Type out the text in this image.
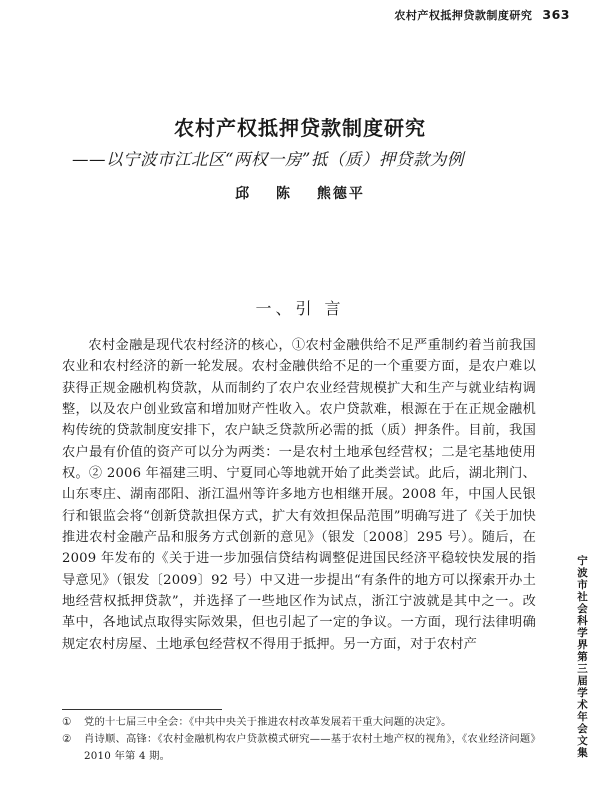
农村产权抵押贷款制度研究 363
农村产权抵押贷款制度研究
——以宁波市江北区“两权一房”抵（质）押贷款为例
邱 陈 熊德平
一、引 言

农村金融是现代农村经济的核心，①农村金融供给不足严重制约着当前我国农业和农村经济的新一轮发展。农村金融供给不足的一个重要方面，是农户难以获得正规金融机构贷款，从而制约了农户农业经营规模扩大和生产与就业结构调整，以及农户创业致富和增加财产性收入。农户贷款难，根源在于在正规金融机构传统的贷款制度安排下，农户缺乏贷款所必需的抵（质）押条件。目前，我国农户最有价值的资产可以分为两类：一是农村土地承包经营权；二是宅基地使用权。② 2006 年福建三明、宁夏同心等地就开始了此类尝试。此后，湖北荆门、山东枣庄、湖南邵阳、浙江温州等许多地方也相继开展。2008 年，中国人民银行和银监会将“创新贷款担保方式，扩大有效担保品范围”明确写进了《关于加快推进农村金融产品和服务方式创新的意见》（银发〔2008〕295 号）。随后，在 2009 年发布的《关于进一步加强信贷结构调整促进国民经济平稳较快发展的指导意见》（银发〔2009〕92 号）中又进一步提出“有条件的地方可以探索开办土地经营权抵押贷款”，并选择了一些地区作为试点，浙江宁波就是其中之一。改革中，各地试点取得实际效果，但也引起了一定的争议。一方面，现行法律明确规定农村房屋、土地承包经营权不得用于抵押。另一方面，对于农村产	宁波市社会科学界第三届学术年会文集

① 党的十七届三中全会：《中共中央关于推进农村改革发展若干重大问题的决定》。

② 肖诗顺、高锋：《农村金融机构农户贷款模式研究——基于农村土地产权的视角》，《农业经济问题》2010 年第 4 期。
